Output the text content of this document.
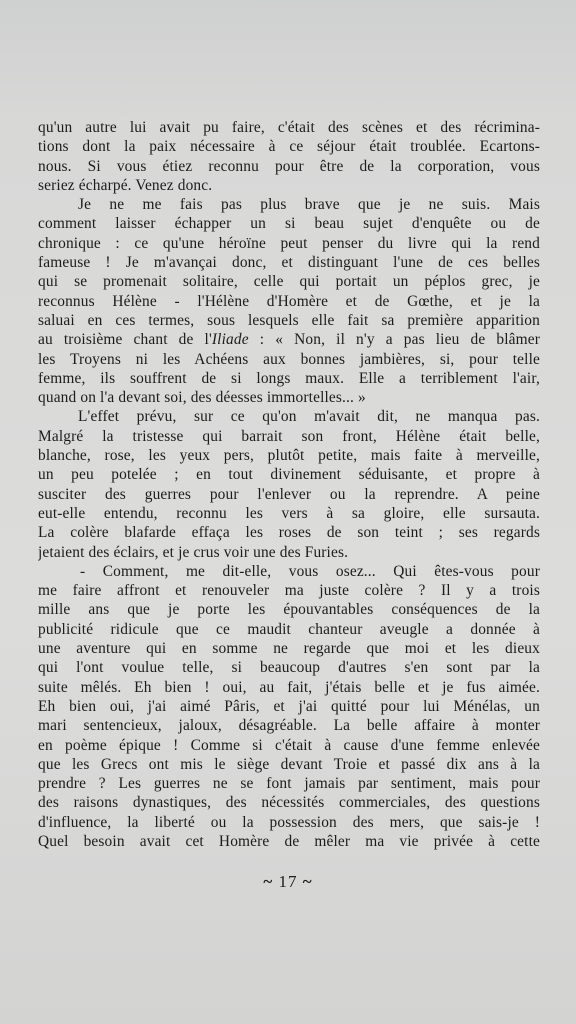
qu'un autre lui avait pu faire, c'était des scènes et des récrimina-
tions dont la paix nécessaire à ce séjour était troublée. Ecartons-
nous. Si vous étiez reconnu pour être de la corporation, vous
seriez écharpé. Venez donc.
Je ne me fais pas plus brave que je ne suis. Mais
comment laisser échapper un si beau sujet d'enquête ou de
chronique : ce qu'une héroïne peut penser du livre qui la rend
fameuse ! Je m'avançai donc, et distinguant l'une de ces belles
qui se promenait solitaire, celle qui portait un péplos grec, je
reconnus Hélène - l'Hélène d'Homère et de Gœthe, et je la
saluai en ces termes, sous lesquels elle fait sa première apparition
au troisième chant de l'Iliade : « Non, il n'y a pas lieu de blâmer
les Troyens ni les Achéens aux bonnes jambières, si, pour telle
femme, ils souffrent de si longs maux. Elle a terriblement l'air,
quand on l'a devant soi, des déesses immortelles... »
L'effet prévu, sur ce qu'on m'avait dit, ne manqua pas.
Malgré la tristesse qui barrait son front, Hélène était belle,
blanche, rose, les yeux pers, plutôt petite, mais faite à merveille,
un peu potelée ; en tout divinement séduisante, et propre à
susciter des guerres pour l'enlever ou la reprendre. A peine
eut-elle entendu, reconnu les vers à sa gloire, elle sursauta.
La colère blafarde effaça les roses de son teint ; ses regards
jetaient des éclairs, et je crus voir une des Furies.
- Comment, me dit-elle, vous osez... Qui êtes-vous pour
me faire affront et renouveler ma juste colère ? Il y a trois
mille ans que je porte les épouvantables conséquences de la
publicité ridicule que ce maudit chanteur aveugle a donnée à
une aventure qui en somme ne regarde que moi et les dieux
qui l'ont voulue telle, si beaucoup d'autres s'en sont par la
suite mêlés. Eh bien ! oui, au fait, j'étais belle et je fus aimée.
Eh bien oui, j'ai aimé Pâris, et j'ai quitté pour lui Ménélas, un
mari sentencieux, jaloux, désagréable. La belle affaire à monter
en poème épique ! Comme si c'était à cause d'une femme enlevée
que les Grecs ont mis le siège devant Troie et passé dix ans à la
prendre ? Les guerres ne se font jamais par sentiment, mais pour
des raisons dynastiques, des nécessités commerciales, des questions
d'influence, la liberté ou la possession des mers, que sais-je !
Quel besoin avait cet Homère de mêler ma vie privée à cette
~ 17 ~
